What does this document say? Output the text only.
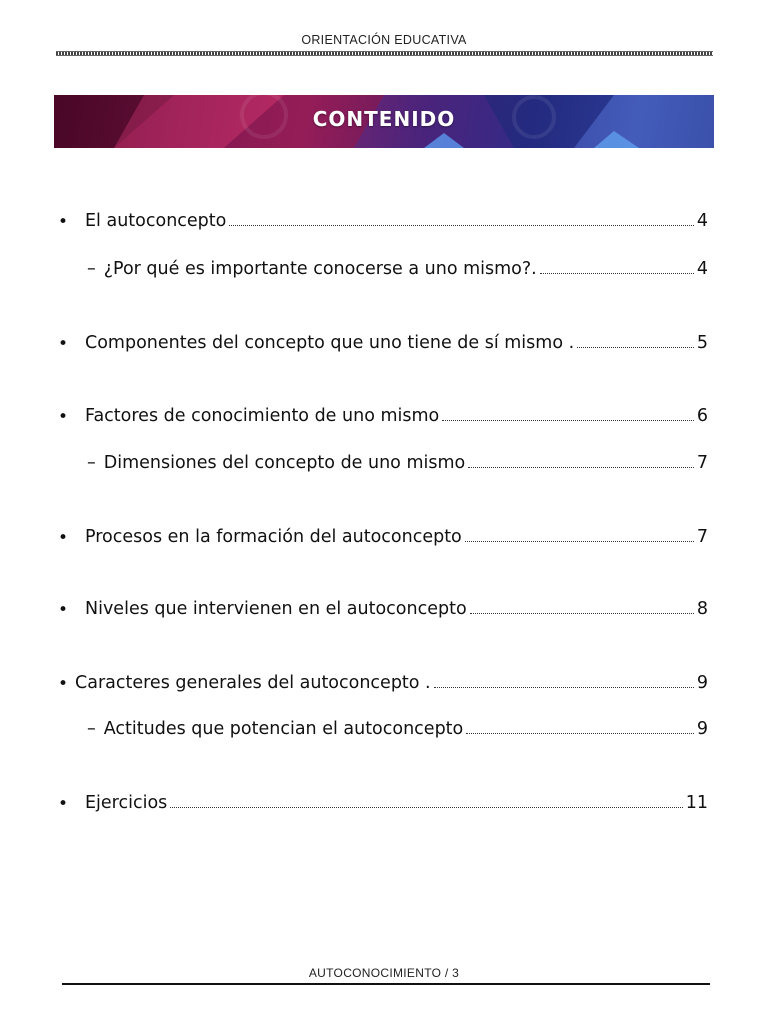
ORIENTACIÓN EDUCATIVA
CONTENIDO
• El autoconcepto	4
– ¿Por qué es importante conocerse a uno mismo?.	4
• Componentes del concepto que uno tiene de sí mismo .	5
• Factores de conocimiento de uno mismo	6
– Dimensiones del concepto de uno mismo	7
• Procesos en la formación del autoconcepto	7
• Niveles que intervienen en el autoconcepto	8
• Caracteres generales del autoconcepto .	9
– Actitudes que potencian el autoconcepto	9
• Ejercicios	11
AUTOCONOCIMIENTO / 3
